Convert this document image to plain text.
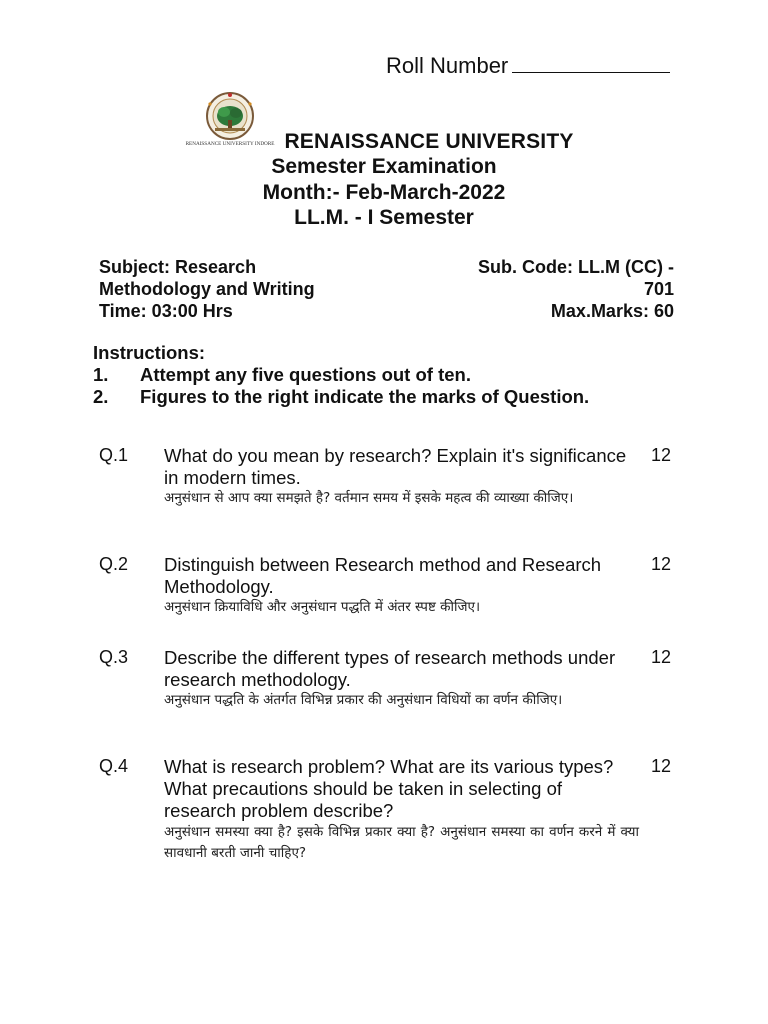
Roll Number
RENAISSANCE UNIVERSITY INDORE RENAISSANCE UNIVERSITY
Semester Examination
Month:- Feb-March-2022
LL.M. - I Semester
Subject: Research
Methodology and Writing
Time: 03:00 Hrs
Sub. Code: LL.M (CC) -
701
Max.Marks: 60
Instructions:
1. Attempt any five questions out of ten.
2. Figures to the right indicate the marks of Question.
Q.1 What do you mean by research? Explain it's significance in modern times.
अनुसंधान से आप क्या समझते है? वर्तमान समय में इसके महत्व की व्याख्या कीजिए।
12
Q.2 Distinguish between Research method and Research Methodology.
अनुसंधान क्रियाविधि और अनुसंधान पद्धति में अंतर स्पष्ट कीजिए।
12
Q.3 Describe the different types of research methods under research methodology.
अनुसंधान पद्धति के अंतर्गत विभिन्न प्रकार की अनुसंधान विधियों का वर्णन कीजिए।
12
Q.4 What is research problem? What are its various types? What precautions should be taken in selecting of research problem describe?
अनुसंधान समस्या क्या है? इसके विभिन्न प्रकार क्या है? अनुसंधान समस्या का वर्णन करने में क्या सावधानी बरती जानी चाहिए?
12
